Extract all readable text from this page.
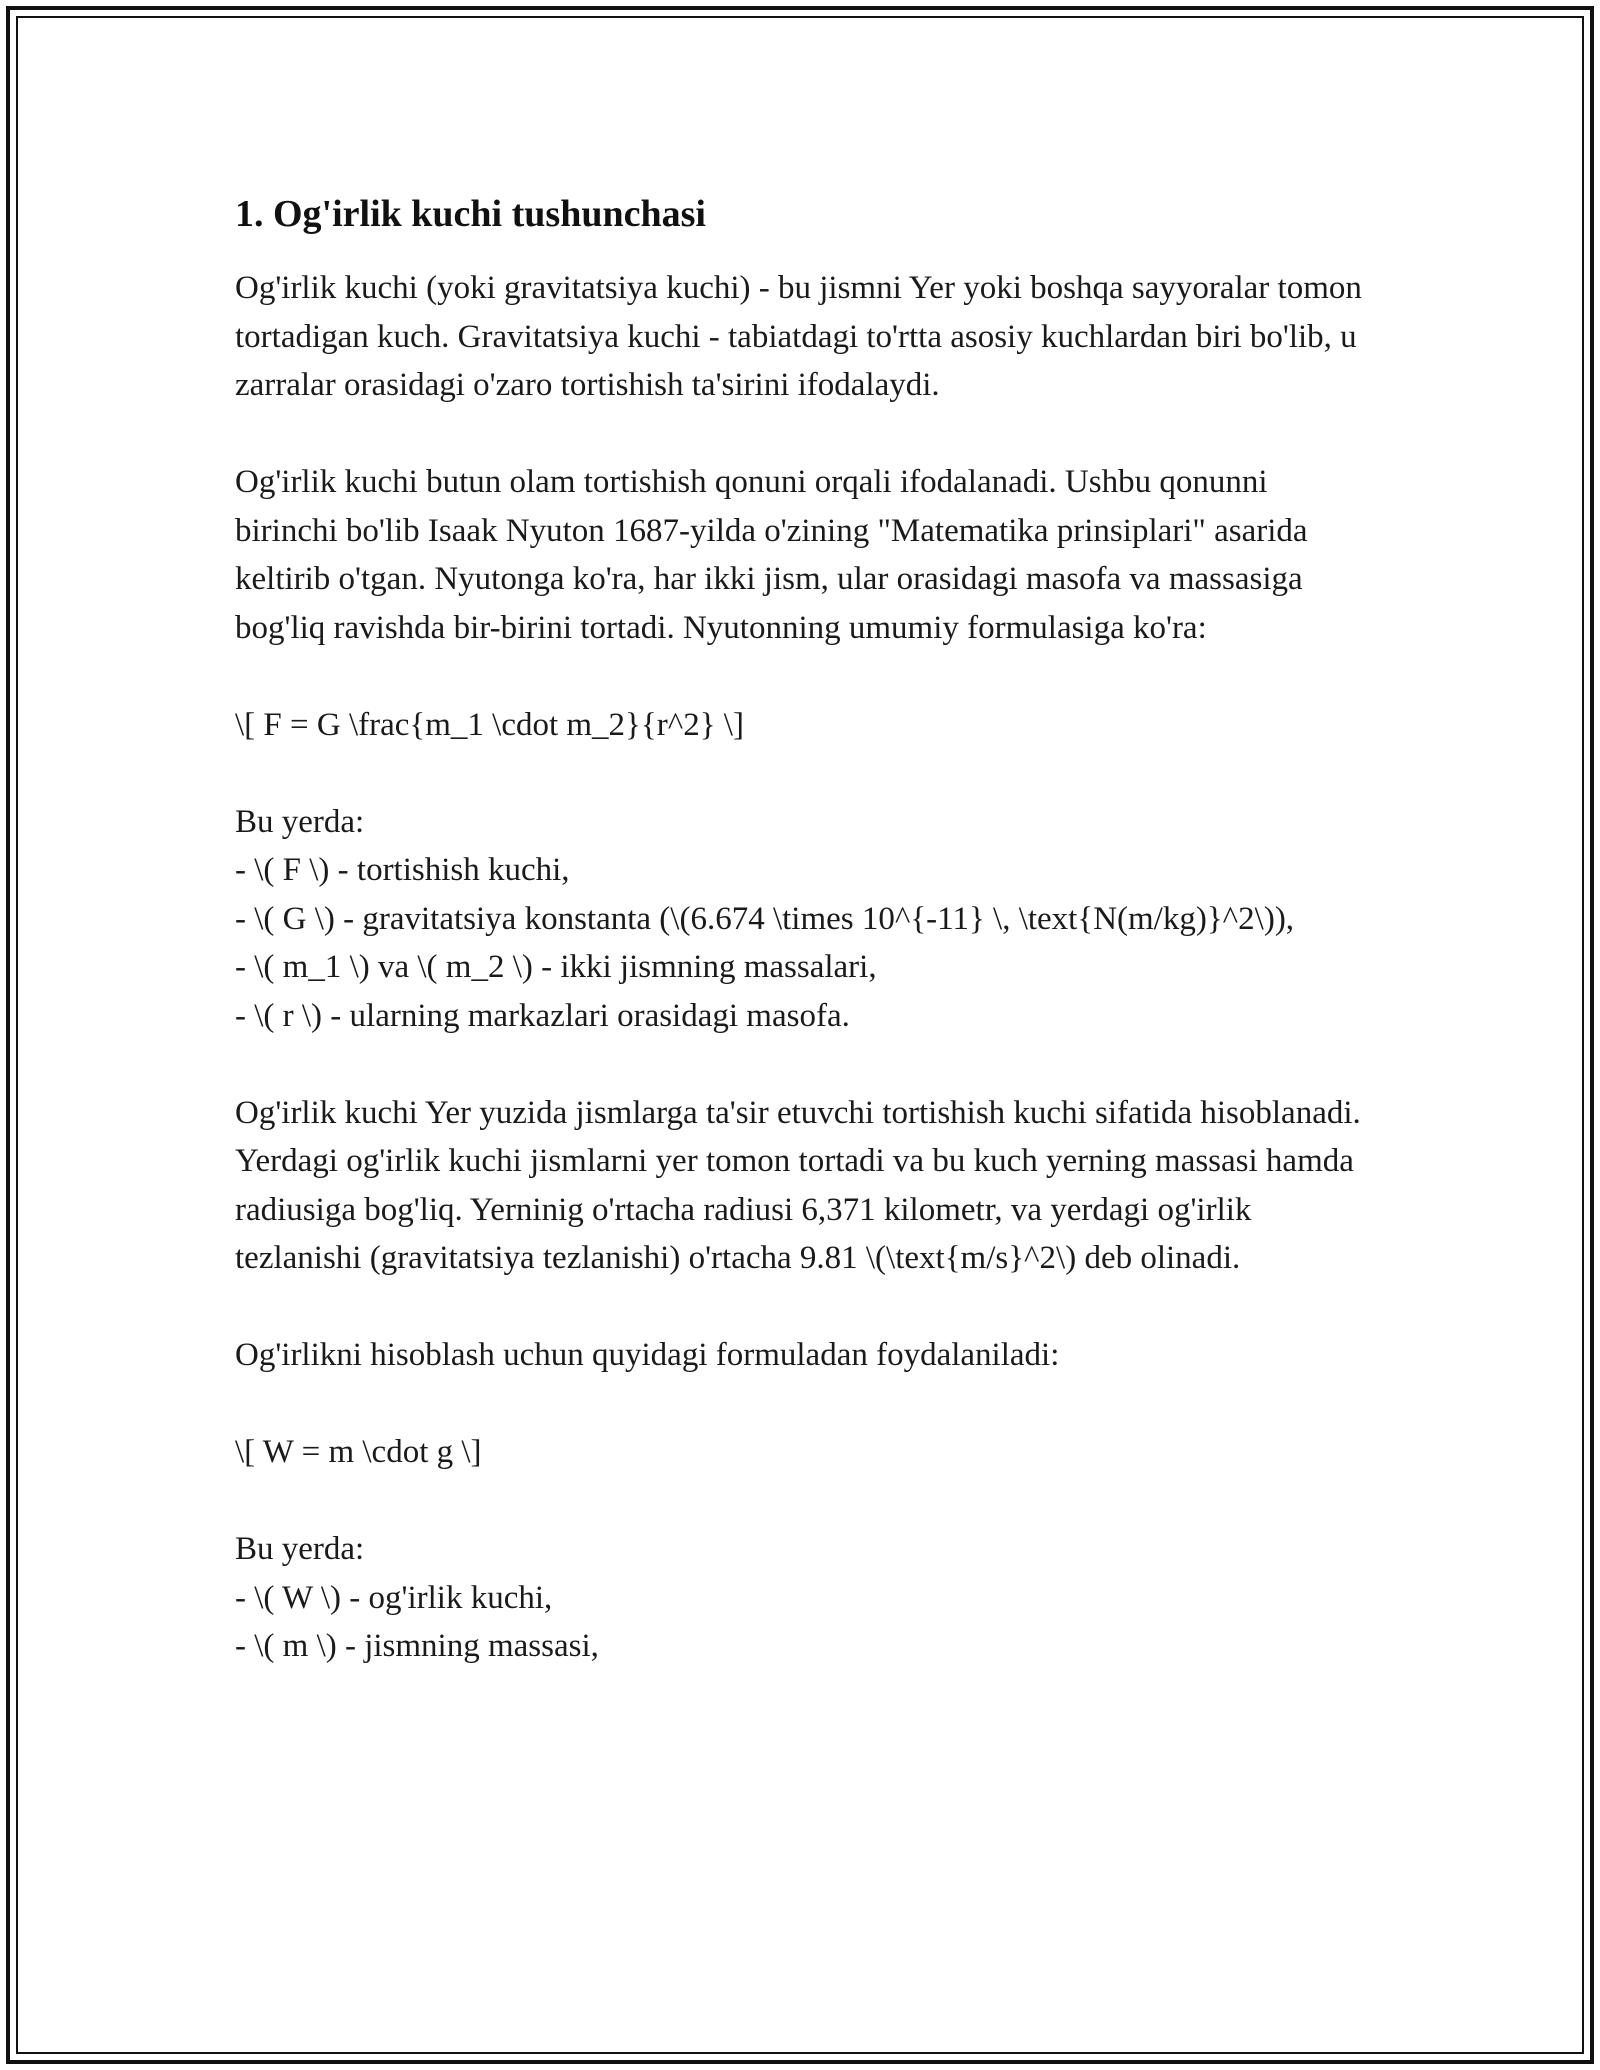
1. Og'irlik kuchi tushunchasi

Og'irlik kuchi (yoki gravitatsiya kuchi) - bu jismni Yer yoki boshqa sayyoralar tomon tortadigan kuch. Gravitatsiya kuchi - tabiatdagi to'rtta asosiy kuchlardan biri bo'lib, u zarralar orasidagi o'zaro tortishish ta'sirini ifodalaydi.

Og'irlik kuchi butun olam tortishish qonuni orqali ifodalanadi. Ushbu qonunni birinchi bo'lib Isaak Nyuton 1687-yilda o'zining "Matematika prinsiplari" asarida keltirib o'tgan. Nyutonga ko'ra, har ikki jism, ular orasidagi masofa va massasiga bog'liq ravishda bir-birini tortadi. Nyutonning umumiy formulasiga ko'ra:

\[ F = G \frac{m_1 \cdot m_2}{r^2} \]

Bu yerda:
- \( F \) - tortishish kuchi,
- \( G \) - gravitatsiya konstanta (\(6.674 \times 10^{-11} \, \text{N(m/kg)}^2\)),
- \( m_1 \) va \( m_2 \) - ikki jismning massalari,
- \( r \) - ularning markazlari orasidagi masofa.

Og'irlik kuchi Yer yuzida jismlarga ta'sir etuvchi tortishish kuchi sifatida hisoblanadi. Yerdagi og'irlik kuchi jismlarni yer tomon tortadi va bu kuch yerning massasi hamda radiusiga bog'liq. Yerninig o'rtacha radiusi 6,371 kilometr, va yerdagi og'irlik tezlanishi (gravitatsiya tezlanishi) o'rtacha 9.81 \(\text{m/s}^2\) deb olinadi.

Og'irlikni hisoblash uchun quyidagi formuladan foydalaniladi:

\[ W = m \cdot g \]

Bu yerda:
- \( W \) - og'irlik kuchi,
- \( m \) - jismning massasi,
